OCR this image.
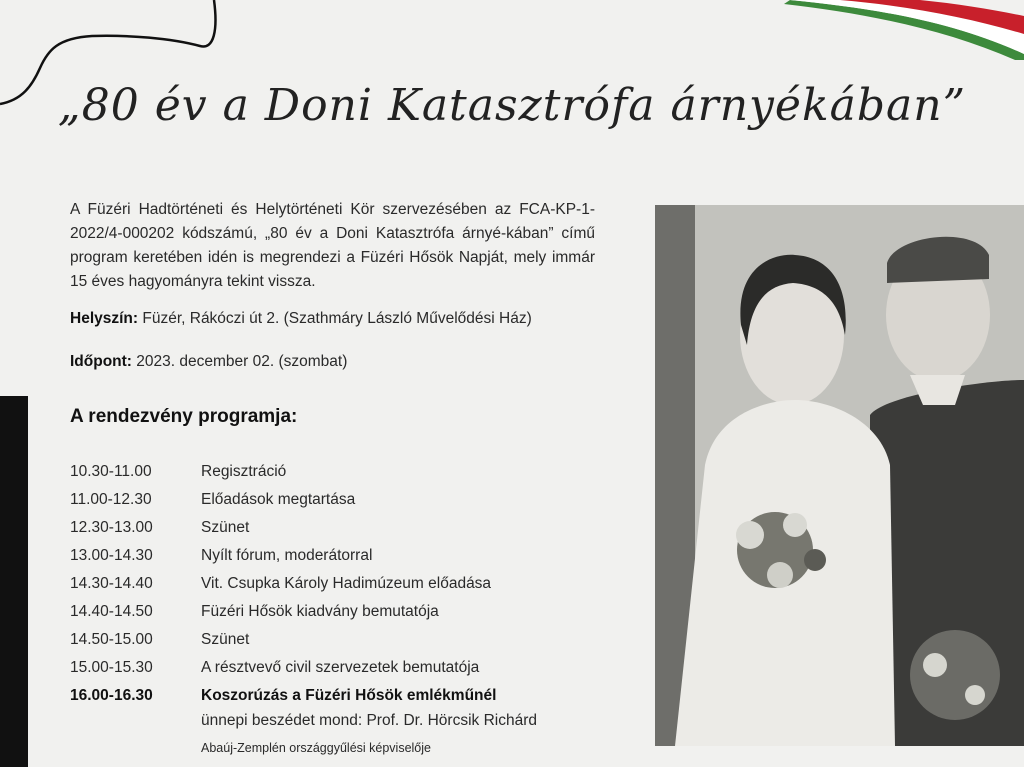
„80 év a Doni Katasztrófa árnyékában”
A Füzéri Hadtörténeti és Helytörténeti Kör szervezésében az FCA-KP-1-2022/4-000202 kódszámú, „80 év a Doni Katasztrófa árnyé-kában” című program keretében idén is megrendezi a Füzéri Hősök Napját, mely immár 15 éves hagyományra tekint vissza.
Helyszín: Füzér, Rákóczi út 2. (Szathmáry László Művelődési Ház)
Időpont: 2023. december 02. (szombat)
A rendezvény programja:
10.30-11.00	Regisztráció
11.00-12.30	Előadások megtartása
12.30-13.00	Szünet
13.00-14.30	Nyílt fórum, moderátorral
14.30-14.40	Vit. Csupka Károly Hadimúzeum előadása
14.40-14.50	Füzéri Hősök kiadvány bemutatója
14.50-15.00	Szünet
15.00-15.30	A résztvevő civil szervezetek bemutatója
16.00-16.30	Koszorúzás a Füzéri Hősök emlékműnél
ünnepi beszédet mond: Prof. Dr. Hörcsik Richárd
Abaúj-Zemplén országgyűlési képviselője
